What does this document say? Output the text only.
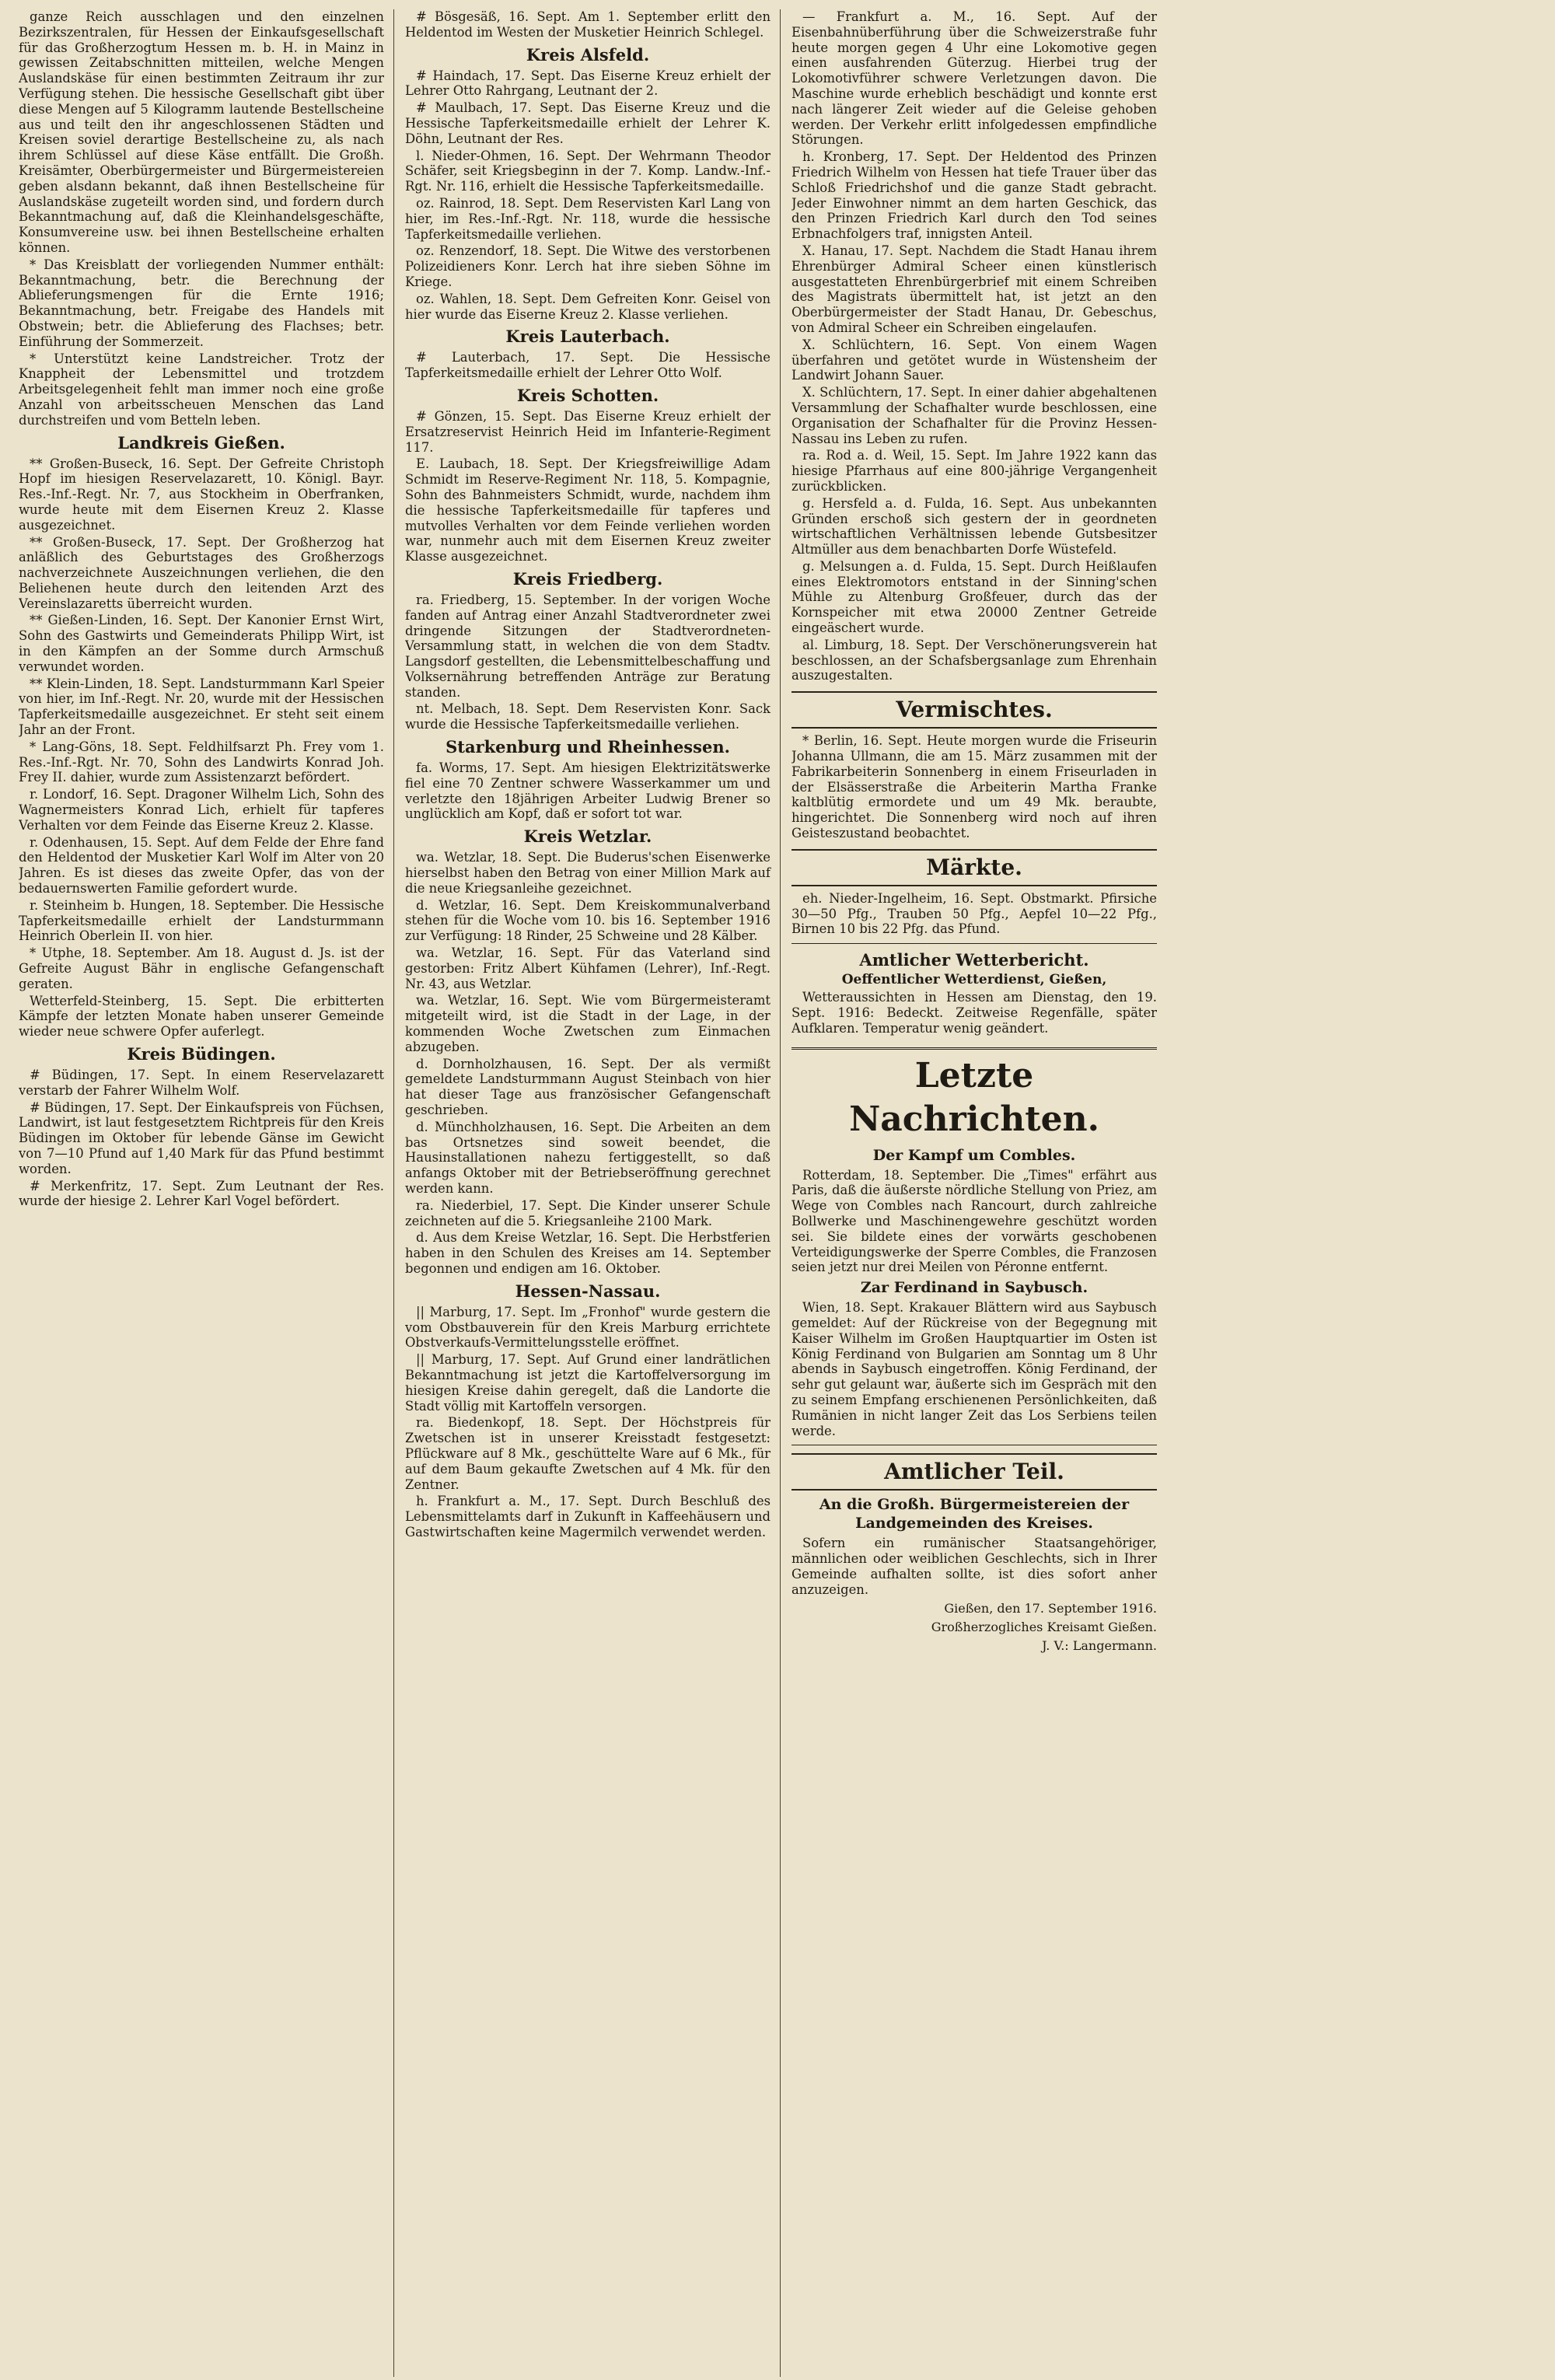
ganze Reich ausschlagen und den einzelnen Bezirkszentralen, für Hessen der Einkaufsgesellschaft für das Großherzogtum Hessen m. b. H. in Mainz in gewissen Zeitabschnitten mitteilen, welche Mengen Auslandskäse für einen bestimmten Zeitraum ihr zur Verfügung stehen. Die hessische Gesellschaft gibt über diese Mengen auf 5 Kilogramm lautende Bestellscheine aus und teilt den ihr angeschlossenen Städten und Kreisen soviel derartige Bestellscheine zu, als nach ihrem Schlüssel auf diese Käse entfällt. Die Großh. Kreisämter, Oberbürgermeister und Bürgermeistereien geben alsdann bekannt, daß ihnen Bestellscheine für Auslandskäse zugeteilt worden sind, und fordern durch Bekanntmachung auf, daß die Kleinhandelsgeschäfte, Konsumvereine usw. bei ihnen Bestellscheine erhalten können.

* Das Kreisblatt der vorliegenden Nummer enthält: Bekanntmachung, betr. die Berechnung der Ablieferungsmengen für die Ernte 1916; Bekanntmachung, betr. Freigabe des Handels mit Obstwein; betr. die Ablieferung des Flachses; betr. Einführung der Sommerzeit.

* Unterstützt keine Landstreicher. Trotz der Knappheit der Lebensmittel und trotzdem Arbeitsgelegenheit fehlt man immer noch eine große Anzahl von arbeitsscheuen Menschen das Land durchstreifen und vom Betteln leben.

Landkreis Gießen.

** Großen-Buseck, 16. Sept. Der Gefreite Christoph Hopf im hiesigen Reservelazarett, 10. Königl. Bayr. Res.-Inf.-Regt. Nr. 7, aus Stockheim in Oberfranken, wurde heute mit dem Eisernen Kreuz 2. Klasse ausgezeichnet.

** Großen-Buseck, 17. Sept. Der Großherzog hat anläßlich des Geburtstages des Großherzogs nachverzeichnete Auszeichnungen verliehen, die den Beliehenen heute durch den leitenden Arzt des Vereinslazaretts überreicht wurden.

** Gießen-Linden, 16. Sept. Der Kanonier Ernst Wirt, Sohn des Gastwirts und Gemeinderats Philipp Wirt, ist in den Kämpfen an der Somme durch Armschuß verwundet worden.

** Klein-Linden, 18. Sept. Landsturmmann Karl Speier von hier, im Inf.-Regt. Nr. 20, wurde mit der Hessischen Tapferkeitsmedaille ausgezeichnet. Er steht seit einem Jahr an der Front.

* Lang-Göns, 18. Sept. Feldhilfsarzt Ph. Frey vom 1. Res.-Inf.-Rgt. Nr. 70, Sohn des Landwirts Konrad Joh. Frey II. dahier, wurde zum Assistenzarzt befördert.

r. Londorf, 16. Sept. Dragoner Wilhelm Lich, Sohn des Wagnermeisters Konrad Lich, erhielt für tapferes Verhalten vor dem Feinde das Eiserne Kreuz 2. Klasse.

r. Odenhausen, 15. Sept. Auf dem Felde der Ehre fand den Heldentod der Musketier Karl Wolf im Alter von 20 Jahren. Es ist dieses das zweite Opfer, das von der bedauernswerten Familie gefordert wurde.

r. Steinheim b. Hungen, 18. September. Die Hessische Tapferkeitsmedaille erhielt der Landsturmmann Heinrich Oberlein II. von hier.

* Utphe, 18. September. Am 18. August d. Js. ist der Gefreite August Bähr in englische Gefangenschaft geraten.

Wetterfeld-Steinberg, 15. Sept. Die erbitterten Kämpfe der letzten Monate haben unserer Gemeinde wieder neue schwere Opfer auferlegt.

Kreis Büdingen.

# Büdingen, 17. Sept. In einem Reservelazarett verstarb der Fahrer Wilhelm Wolf.

# Büdingen, 17. Sept. Der Einkaufspreis von Füchsen, Landwirt, ist laut festgesetztem Richtpreis für den Kreis Büdingen im Oktober für lebende Gänse im Gewicht von 7—10 Pfund auf 1,40 Mark für das Pfund bestimmt worden.

# Merkenfritz, 17. Sept. Zum Leutnant der Res. wurde der hiesige 2. Lehrer Karl Vogel befördert.

# Bösgesäß, 16. Sept. Am 1. September erlitt den Heldentod im Westen der Musketier Heinrich Schlegel.

Kreis Alsfeld.

# Haindach, 17. Sept. Das Eiserne Kreuz erhielt der Lehrer Otto Rahrgang, Leutnant der 2.

# Maulbach, 17. Sept. Das Eiserne Kreuz und die Hessische Tapferkeitsmedaille erhielt der Lehrer K. Döhn, Leutnant der Res.

l. Nieder-Ohmen, 16. Sept. Der Wehrmann Theodor Schäfer, seit Kriegsbeginn in der 7. Komp. Landw.-Inf.-Rgt. Nr. 116, erhielt die Hessische Tapferkeitsmedaille.

oz. Rainrod, 18. Sept. Dem Reservisten Karl Lang von hier, im Res.-Inf.-Rgt. Nr. 118, wurde die hessische Tapferkeitsmedaille verliehen.

oz. Renzendorf, 18. Sept. Die Witwe des verstorbenen Polizeidieners Konr. Lerch hat ihre sieben Söhne im Kriege.

oz. Wahlen, 18. Sept. Dem Gefreiten Konr. Geisel von hier wurde das Eiserne Kreuz 2. Klasse verliehen.

Kreis Lauterbach.

# Lauterbach, 17. Sept. Die Hessische Tapferkeitsmedaille erhielt der Lehrer Otto Wolf.

Kreis Schotten.

# Gönzen, 15. Sept. Das Eiserne Kreuz erhielt der Ersatzreservist Heinrich Heid im Infanterie-Regiment 117.

E. Laubach, 18. Sept. Der Kriegsfreiwillige Adam Schmidt im Reserve-Regiment Nr. 118, 5. Kompagnie, Sohn des Bahnmeisters Schmidt, wurde, nachdem ihm die hessische Tapferkeitsmedaille für tapferes und mutvolles Verhalten vor dem Feinde verliehen worden war, nunmehr auch mit dem Eisernen Kreuz zweiter Klasse ausgezeichnet.

Kreis Friedberg.

ra. Friedberg, 15. September. In der vorigen Woche fanden auf Antrag einer Anzahl Stadtverordneter zwei dringende Sitzungen der Stadtverordneten-Versammlung statt, in welchen die von dem Stadtv. Langsdorf gestellten, die Lebensmittelbeschaffung und Volksernährung betreffenden Anträge zur Beratung standen.

nt. Melbach, 18. Sept. Dem Reservisten Konr. Sack wurde die Hessische Tapferkeitsmedaille verliehen.

Starkenburg und Rheinhessen.

fa. Worms, 17. Sept. Am hiesigen Elektrizitätswerke fiel eine 70 Zentner schwere Wasserkammer um und verletzte den 18jährigen Arbeiter Ludwig Brener so unglücklich am Kopf, daß er sofort tot war.

Kreis Wetzlar.

wa. Wetzlar, 18. Sept. Die Buderus'schen Eisenwerke hierselbst haben den Betrag von einer Million Mark auf die neue Kriegsanleihe gezeichnet.

d. Wetzlar, 16. Sept. Dem Kreiskommunalverband stehen für die Woche vom 10. bis 16. September 1916 zur Verfügung: 18 Rinder, 25 Schweine und 28 Kälber.

wa. Wetzlar, 16. Sept. Für das Vaterland sind gestorben: Fritz Albert Kühfamen (Lehrer), Inf.-Regt. Nr. 43, aus Wetzlar.

wa. Wetzlar, 16. Sept. Wie vom Bürgermeisteramt mitgeteilt wird, ist die Stadt in der Lage, in der kommenden Woche Zwetschen zum Einmachen abzugeben.

d. Dornholzhausen, 16. Sept. Der als vermißt gemeldete Landsturmmann August Steinbach von hier hat dieser Tage aus französischer Gefangenschaft geschrieben.

d. Münchholzhausen, 16. Sept. Die Arbeiten an dem bas Ortsnetzes sind soweit beendet, die Hausinstallationen nahezu fertiggestellt, so daß anfangs Oktober mit der Betriebseröffnung gerechnet werden kann.

ra. Niederbiel, 17. Sept. Die Kinder unserer Schule zeichneten auf die 5. Kriegsanleihe 2100 Mark.

d. Aus dem Kreise Wetzlar, 16. Sept. Die Herbstferien haben in den Schulen des Kreises am 14. September begonnen und endigen am 16. Oktober.

Hessen-Nassau.

|| Marburg, 17. Sept. Im „Fronhof" wurde gestern die vom Obstbauverein für den Kreis Marburg errichtete Obstverkaufs-Vermittelungsstelle eröffnet.

|| Marburg, 17. Sept. Auf Grund einer landrätlichen Bekanntmachung ist jetzt die Kartoffelversorgung im hiesigen Kreise dahin geregelt, daß die Landorte die Stadt völlig mit Kartoffeln versorgen.

ra. Biedenkopf, 18. Sept. Der Höchstpreis für Zwetschen ist in unserer Kreisstadt festgesetzt: Pflückware auf 8 Mk., geschüttelte Ware auf 6 Mk., für auf dem Baum gekaufte Zwetschen auf 4 Mk. für den Zentner.

h. Frankfurt a. M., 17. Sept. Durch Beschluß des Lebensmittelamts darf in Zukunft in Kaffeehäusern und Gastwirtschaften keine Magermilch verwendet werden.

— Frankfurt a. M., 16. Sept. Auf der Eisenbahnüberführung über die Schweizerstraße fuhr heute morgen gegen 4 Uhr eine Lokomotive gegen einen ausfahrenden Güterzug. Hierbei trug der Lokomotivführer schwere Verletzungen davon. Die Maschine wurde erheblich beschädigt und konnte erst nach längerer Zeit wieder auf die Geleise gehoben werden. Der Verkehr erlitt infolgedessen empfindliche Störungen.

h. Kronberg, 17. Sept. Der Heldentod des Prinzen Friedrich Wilhelm von Hessen hat tiefe Trauer über das Schloß Friedrichshof und die ganze Stadt gebracht. Jeder Einwohner nimmt an dem harten Geschick, das den Prinzen Friedrich Karl durch den Tod seines Erbnachfolgers traf, innigsten Anteil.

X. Hanau, 17. Sept. Nachdem die Stadt Hanau ihrem Ehrenbürger Admiral Scheer einen künstlerisch ausgestatteten Ehrenbürgerbrief mit einem Schreiben des Magistrats übermittelt hat, ist jetzt an den Oberbürgermeister der Stadt Hanau, Dr. Gebeschus, von Admiral Scheer ein Schreiben eingelaufen.

X. Schlüchtern, 16. Sept. Von einem Wagen überfahren und getötet wurde in Wüstensheim der Landwirt Johann Sauer.

X. Schlüchtern, 17. Sept. In einer dahier abgehaltenen Versammlung der Schafhalter wurde beschlossen, eine Organisation der Schafhalter für die Provinz Hessen-Nassau ins Leben zu rufen.

ra. Rod a. d. Weil, 15. Sept. Im Jahre 1922 kann das hiesige Pfarrhaus auf eine 800-jährige Vergangenheit zurückblicken.

g. Hersfeld a. d. Fulda, 16. Sept. Aus unbekannten Gründen erschoß sich gestern der in geordneten wirtschaftlichen Verhältnissen lebende Gutsbesitzer Altmüller aus dem benachbarten Dorfe Wüstefeld.

g. Melsungen a. d. Fulda, 15. Sept. Durch Heißlaufen eines Elektromotors entstand in der Sinning'schen Mühle zu Altenburg Großfeuer, durch das der Kornspeicher mit etwa 20000 Zentner Getreide eingeäschert wurde.

al. Limburg, 18. Sept. Der Verschönerungsverein hat beschlossen, an der Schafsbergsanlage zum Ehrenhain auszugestalten.

Vermischtes.

* Berlin, 16. Sept. Heute morgen wurde die Friseurin Johanna Ullmann, die am 15. März zusammen mit der Fabrikarbeiterin Sonnenberg in einem Friseurladen in der Elsässerstraße die Arbeiterin Martha Franke kaltblütig ermordete und um 49 Mk. beraubte, hingerichtet. Die Sonnenberg wird noch auf ihren Geisteszustand beobachtet.

Märkte.

eh. Nieder-Ingelheim, 16. Sept. Obstmarkt. Pfirsiche 30—50 Pfg., Trauben 50 Pfg., Aepfel 10—22 Pfg., Birnen 10 bis 22 Pfg. das Pfund.

Amtlicher Wetterbericht.
Oeffentlicher Wetterdienst, Gießen,

Wetteraussichten in Hessen am Dienstag, den 19. Sept. 1916: Bedeckt. Zeitweise Regenfälle, später Aufklaren. Temperatur wenig geändert.

Letzte Nachrichten.
Der Kampf um Combles.

Rotterdam, 18. September. Die „Times" erfährt aus Paris, daß die äußerste nördliche Stellung von Priez, am Wege von Combles nach Rancourt, durch zahlreiche Bollwerke und Maschinengewehre geschützt worden sei. Sie bildete eines der vorwärts geschobenen Verteidigungswerke der Sperre Combles, die Franzosen seien jetzt nur drei Meilen von Péronne entfernt.

Zar Ferdinand in Saybusch.

Wien, 18. Sept. Krakauer Blättern wird aus Saybusch gemeldet: Auf der Rückreise von der Begegnung mit Kaiser Wilhelm im Großen Hauptquartier im Osten ist König Ferdinand von Bulgarien am Sonntag um 8 Uhr abends in Saybusch eingetroffen. König Ferdinand, der sehr gut gelaunt war, äußerte sich im Gespräch mit den zu seinem Empfang erschienenen Persönlichkeiten, daß Rumänien in nicht langer Zeit das Los Serbiens teilen werde.

Amtlicher Teil.
An die Großh. Bürgermeistereien der Landgemeinden des Kreises.

Sofern ein rumänischer Staatsangehöriger, männlichen oder weiblichen Geschlechts, sich in Ihrer Gemeinde aufhalten sollte, ist dies sofort anher anzuzeigen.

Gießen, den 17. September 1916.
Großherzogliches Kreisamt Gießen.
J. V.: Langermann.
